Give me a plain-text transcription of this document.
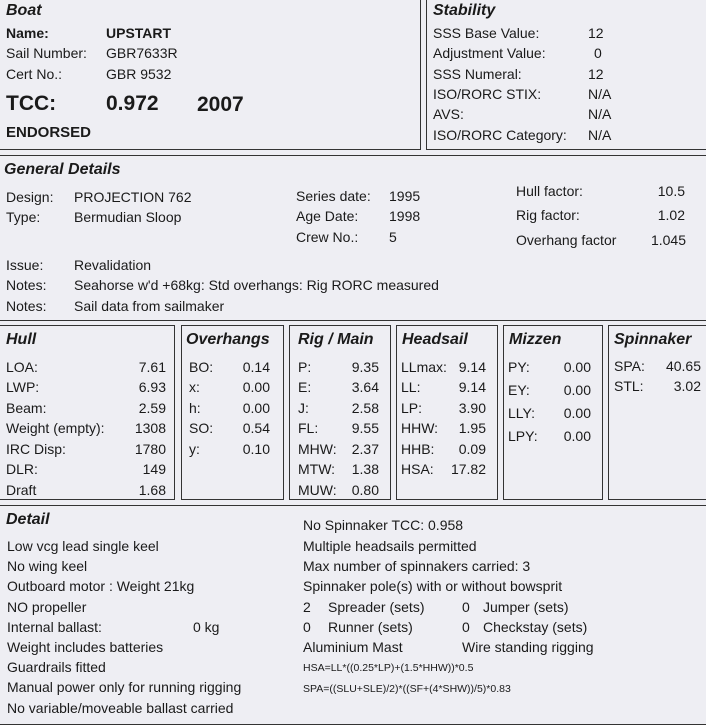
Boat
Name:	UPSTART
Sail Number: GBR7633R
Cert No.:	GBR 9532
TCC: 0.972 2007
ENDORSED
Stability
SSS Base Value:	12
Adjustment Value:	0
SSS Numeral:	12
ISO/RORC STIX:	N/A
AVS:	N/A
ISO/RORC Category: N/A
General Details
Design: PROJECTION 762
Type: Bermudian Sloop
Series date: 1995
Age Date: 1998
Crew No.: 5
Hull factor:	10.5
Rig factor:	1.02
Overhang factor	1.045
Issue: Revalidation
Notes: Seahorse w'd +68kg: Std overhangs: Rig RORC measured
Notes: Sail data from sailmaker
Hull
LOA:	7.61
LWP:	6.93
Beam:	2.59
Weight (empty):	1308
IRC Disp:	1780
DLR:	149
Draft	1.68
Overhangs
BO:	0.14
x:	0.00
h:	0.00
SO:	0.54
y:	0.10
Rig / Main
P:	9.35
E:	3.64
J:	2.58
FL:	9.55
MHW:	2.37
MTW:	1.38
MUW:	0.80
Headsail
LLmax: 9.14
LL:	9.14
LP:	3.90
HHW:	1.95
HHB:	0.09
HSA:	17.82
Mizzen
PY:	0.00
EY:	0.00
LLY:	0.00
LPY:	0.00
Spinnaker
SPA:	40.65
STL:	3.02
Detail
Low vcg lead single keel
No wing keel
Outboard motor : Weight 21kg
NO propeller
Internal ballast:	0 kg
Weight includes batteries
Guardrails fitted
Manual power only for running rigging
No variable/moveable ballast carried
No Spinnaker TCC: 0.958
Multiple headsails permitted
Max number of spinnakers carried: 3
Spinnaker pole(s) with or without bowsprit
2 Spreader (sets)	0 Jumper (sets)
0 Runner (sets)	0 Checkstay (sets)
Aluminium Mast	Wire standing rigging
HSA=LL*((0.25*LP)+(1.5*HHW))*0.5
SPA=((SLU+SLE)/2)*((SF+(4*SHW))/5)*0.83
